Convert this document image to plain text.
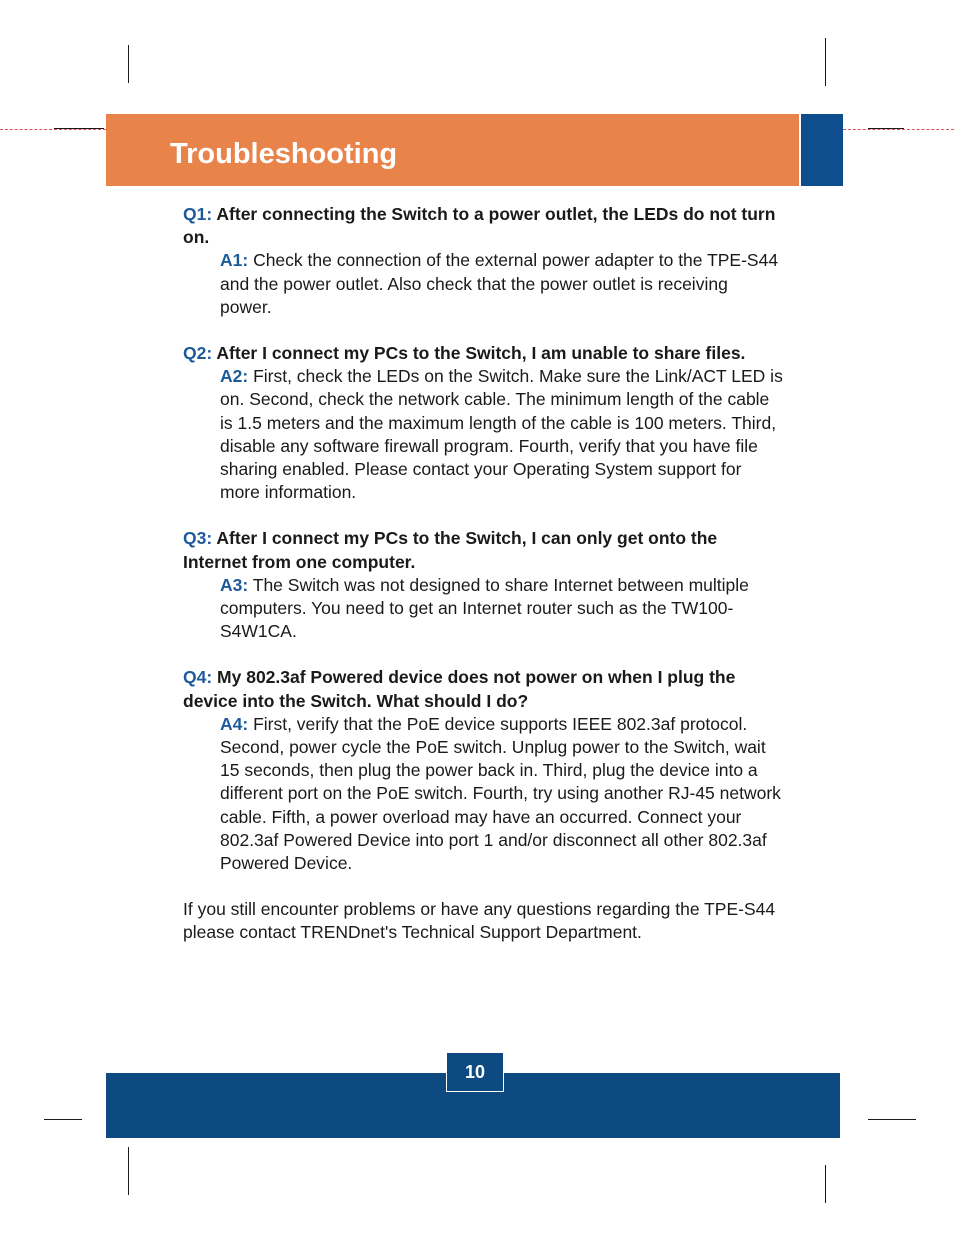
Troubleshooting

Q1: After connecting the Switch to a power outlet, the LEDs do not turn on.

A1: Check the connection of the external power adapter to the TPE-S44 and the power outlet. Also check that the power outlet is receiving power.

Q2: After I connect my PCs to the Switch, I am unable to share files.

A2: First, check the LEDs on the Switch. Make sure the Link/ACT LED is on. Second, check the network cable. The minimum length of the cable is 1.5 meters and the maximum length of the cable is 100 meters. Third, disable any software firewall program. Fourth, verify that you have file sharing enabled. Please contact your Operating System support for more information.

Q3: After I connect my PCs to the Switch, I can only get onto the Internet from one computer.

A3: The Switch was not designed to share Internet between multiple computers. You need to get an Internet router such as the TW100-S4W1CA.

Q4: My 802.3af Powered device does not power on when I plug the device into the Switch. What should I do?

A4: First, verify that the PoE device supports IEEE 802.3af protocol. Second, power cycle the PoE switch. Unplug power to the Switch, wait 15 seconds, then plug the power back in. Third, plug the device into a different port on the PoE switch. Fourth, try using another RJ-45 network cable. Fifth, a power overload may have an occurred. Connect your 802.3af Powered Device into port 1 and/or disconnect all other 802.3af Powered Device.

If you still encounter problems or have any questions regarding the TPE-S44 please contact TRENDnet's Technical Support Department.

10
